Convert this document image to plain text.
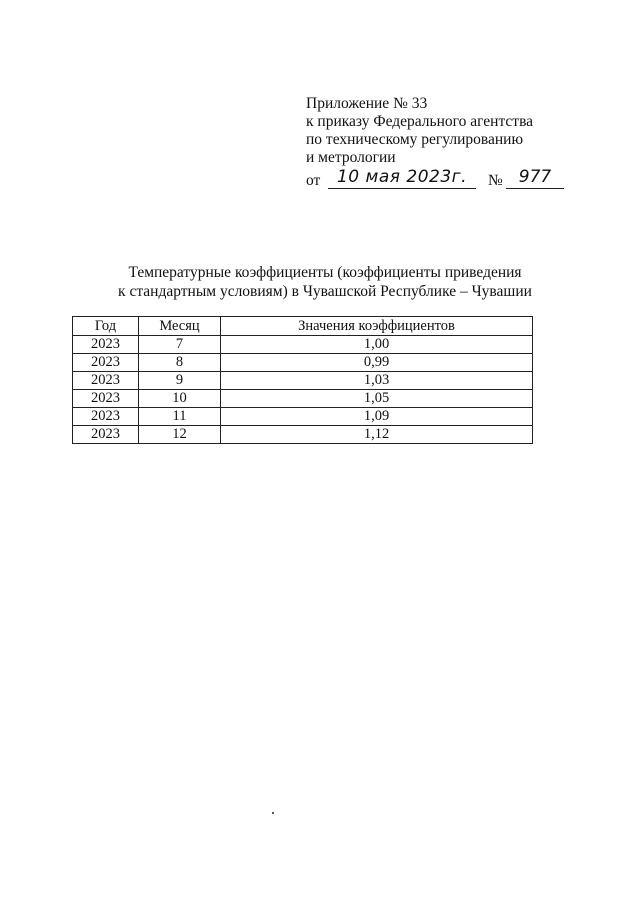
Приложение № 33
к приказу Федерального агентства
по техническому регулированию
и метрологии
от 10 мая 2023г.	№ 977
Температурные коэффициенты (коэффициенты приведения
к стандартным условиям) в Чувашской Республике – Чувашии
Год	Месяц	Значения коэффициентов
2023	7	1,00
2023	8	0,99
2023	9	1,03
2023	10	1,05
2023	11	1,09
2023	12	1,12
